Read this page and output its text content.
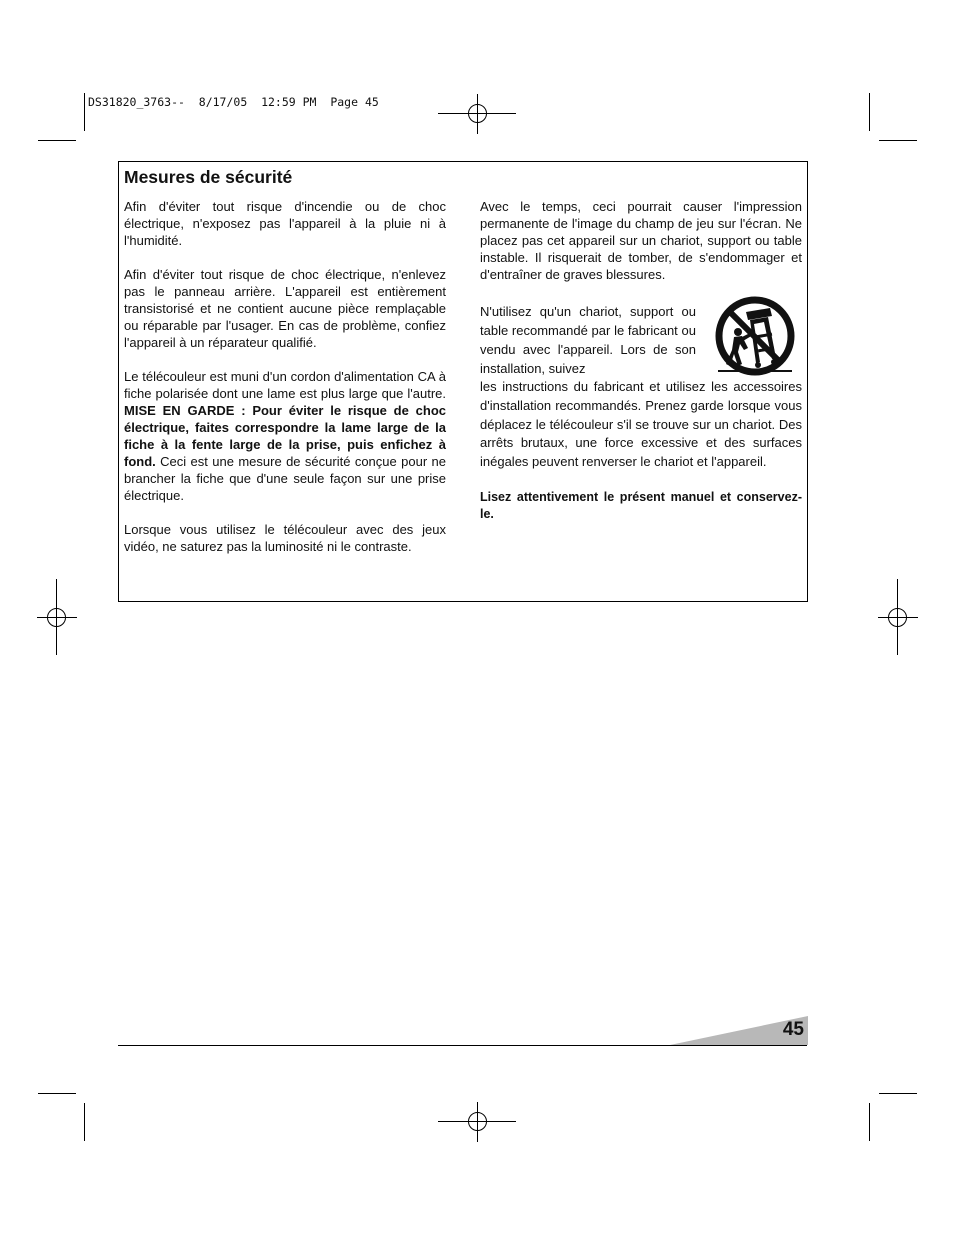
DS31820_3763--  8/17/05  12:59 PM  Page 45
Mesures de sécurité

Afin d'éviter tout risque d'incendie ou de choc électrique, n'exposez pas l'appareil à la pluie ni à l'humidité.

Afin d'éviter tout risque de choc électrique, n'enlevez pas le panneau arrière. L'appareil est entièrement transistorisé et ne contient aucune pièce remplaçable ou réparable par l'usager. En cas de problème, confiez l'appareil à un réparateur qualifié.

Le télécouleur est muni d'un cordon d'alimentation CA à fiche polarisée dont une lame est plus large que l'autre. MISE EN GARDE : Pour éviter le risque de choc électrique, faites correspondre la lame large de la fiche à la fente large de la prise, puis enfichez à fond. Ceci est une mesure de sécurité conçue pour ne brancher la fiche que d'une seule façon sur une prise électrique.

Lorsque vous utilisez le télécouleur avec des jeux vidéo, ne saturez pas la luminosité ni le contraste.

Avec le temps, ceci pourrait causer l'impression permanente de l'image du champ de jeu sur l'écran. Ne placez pas cet appareil sur un chariot, support ou table instable. Il risquerait de tomber, de s'endommager et d'entraîner de graves blessures.

N'utilisez qu'un chariot, support ou table recommandé par le fabricant ou vendu avec l'appareil. Lors de son installation, suivez
les instructions du fabricant et utilisez les accessoires d'installation recommandés. Prenez garde lorsque vous déplacez le télécouleur s'il se trouve sur un chariot. Des arrêts brutaux, une force excessive et des surfaces inégales peuvent renverser le chariot et l'appareil.

Lisez attentivement le présent manuel et conservez-le.

45
